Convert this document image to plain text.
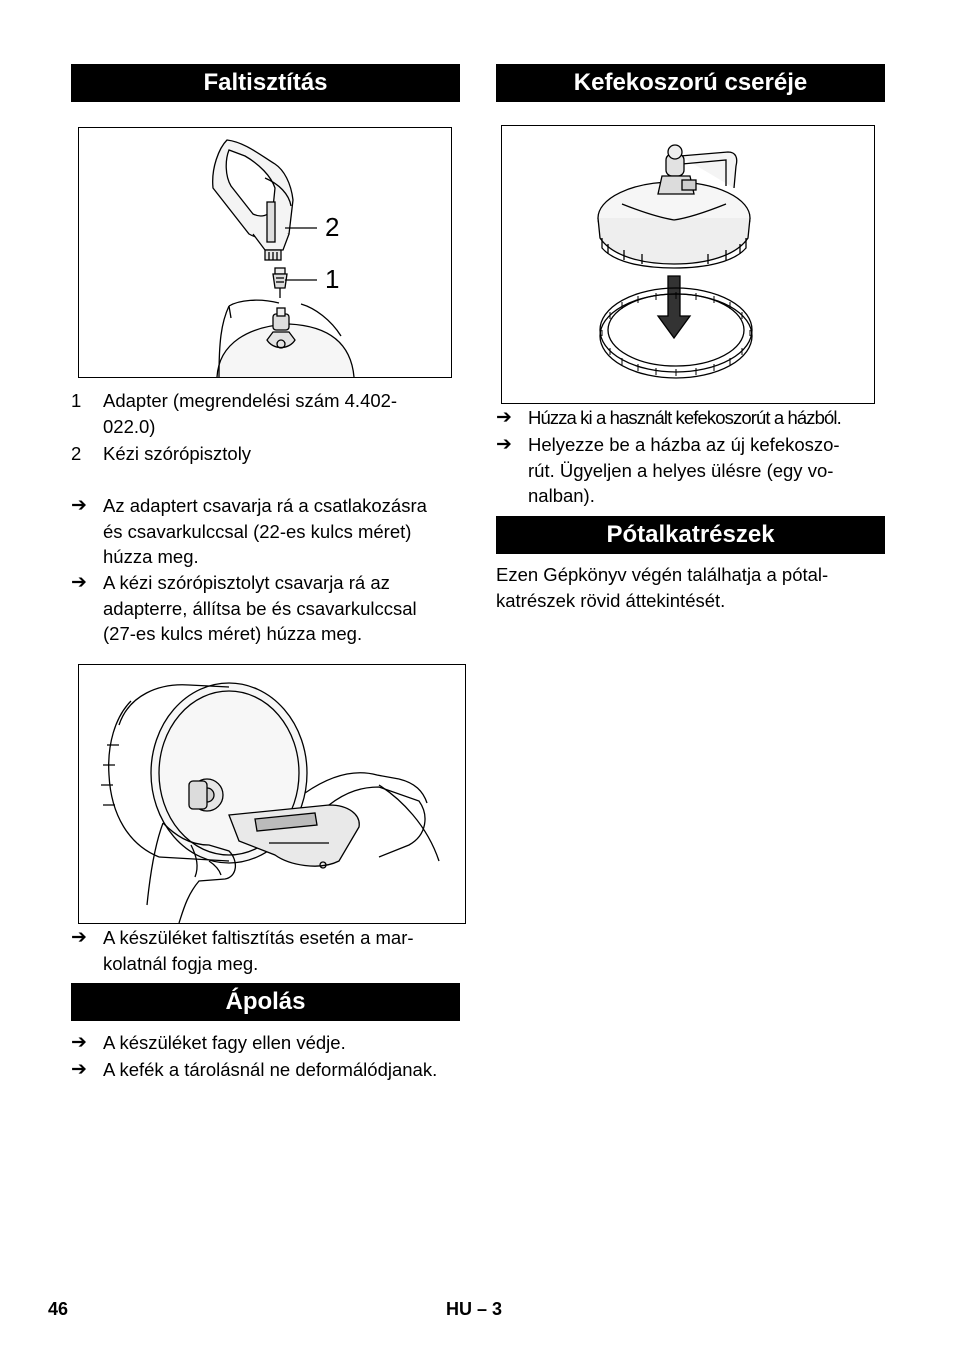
Faltisztítás
2
1
1 Adapter (megrendelési szám 4.402-
022.0)
2 Kézi szórópisztoly
➔ Az adaptert csavarja rá a csatlakozásra
és csavarkulccsal (22-es kulcs méret)
húzza meg.
➔ A kézi szórópisztolyt csavarja rá az
adapterre, állítsa be és csavarkulccsal
(27-es kulcs méret) húzza meg.
➔ A készüléket faltisztítás esetén a mar-
kolatnál fogja meg.
Ápolás
➔ A készüléket fagy ellen védje.
➔ A kefék a tárolásnál ne deformálódjanak.
Kefekoszorú cseréje
➔ Húzza ki a használt kefekoszorút a házból.
➔ Helyezze be a házba az új kefekoszo-
rút. Ügyeljen a helyes ülésre (egy vo-
nalban).
Pótalkatrészek
Ezen Gépkönyv végén találhatja a pótal-
katrészek rövid áttekintését.
46	HU – 3
